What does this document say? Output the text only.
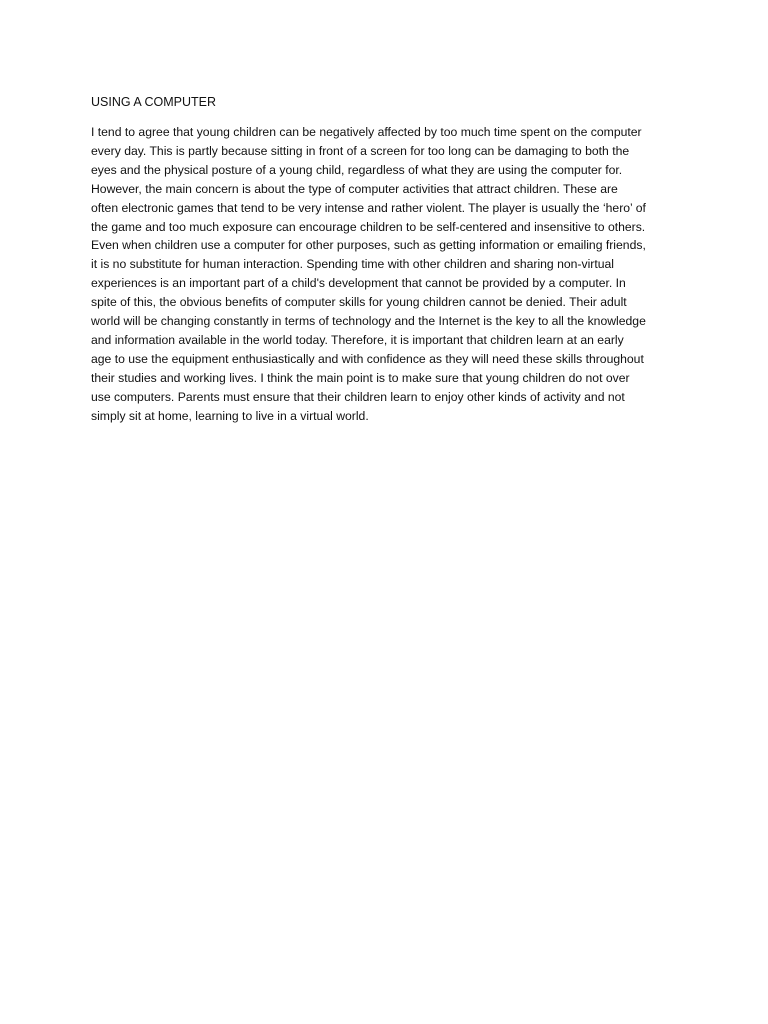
USING A COMPUTER

I tend to agree that young children can be negatively affected by too much time spent on the computer
every day. This is partly because sitting in front of a screen for too long can be damaging to both the
eyes and the physical posture of a young child, regardless of what they are using the computer for.
However, the main concern is about the type of computer activities that attract children. These are
often electronic games that tend to be very intense and rather violent. The player is usually the ‘hero’ of
the game and too much exposure can encourage children to be self-centered and insensitive to others.
Even when children use a computer for other purposes, such as getting information or emailing friends,
it is no substitute for human interaction. Spending time with other children and sharing non-virtual
experiences is an important part of a child's development that cannot be provided by a computer. In
spite of this, the obvious benefits of computer skills for young children cannot be denied. Their adult
world will be changing constantly in terms of technology and the Internet is the key to all the knowledge
and information available in the world today. Therefore, it is important that children learn at an early
age to use the equipment enthusiastically and with confidence as they will need these skills throughout
their studies and working lives. I think the main point is to make sure that young children do not over
use computers. Parents must ensure that their children learn to enjoy other kinds of activity and not
simply sit at home, learning to live in a virtual world.
